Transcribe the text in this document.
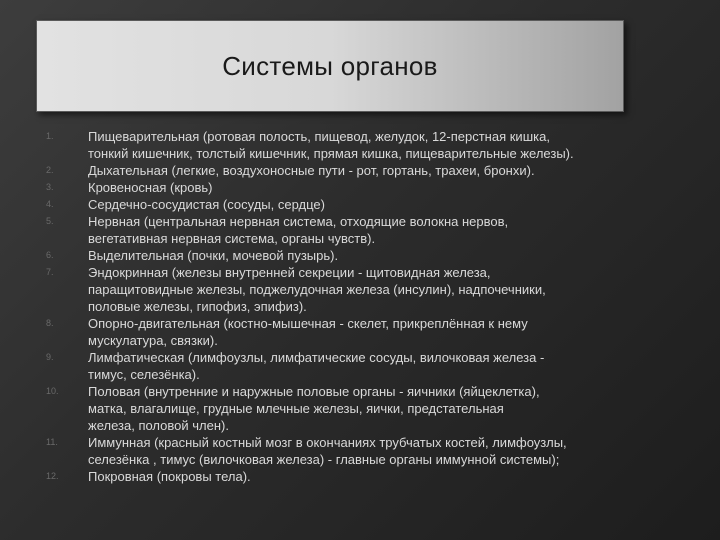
Системы органов
1.	Пищеварительная (ротовая полость, пищевод, желудок, 12-перстная кишка,
тонкий кишечник, толстый кишечник, прямая кишка, пищеварительные железы).
2.	Дыхательная (легкие, воздухоносные пути - рот, гортань, трахеи, бронхи).
3.	Кровеносная (кровь)
4.	Сердечно-сосудистая (сосуды, сердце)
5.	Нервная (центральная нервная система, отходящие волокна нервов,
вегетативная нервная система, органы чувств).
6.	Выделительная (почки, мочевой пузырь).
7.	Эндокринная (железы внутренней секреции - щитовидная железа,
паращитовидные железы, поджелудочная железа (инсулин), надпочечники,
половые железы, гипофиз, эпифиз).
8.	Опорно-двигательная (костно-мышечная - скелет, прикреплённая к нему
мускулатура, связки).
9.	Лимфатическая (лимфоузлы, лимфатические сосуды, вилочковая железа -
тимус, селезёнка).
10.	Половая (внутренние и наружные половые органы - яичники (яйцеклетка),
матка, влагалище, грудные млечные железы, яички, предстательная
железа, половой член).
11.	Иммунная (красный костный мозг в окончаниях трубчатых костей, лимфоузлы,
селезёнка , тимус (вилочковая железа) - главные органы иммунной системы);
12.	Покровная (покровы тела).
